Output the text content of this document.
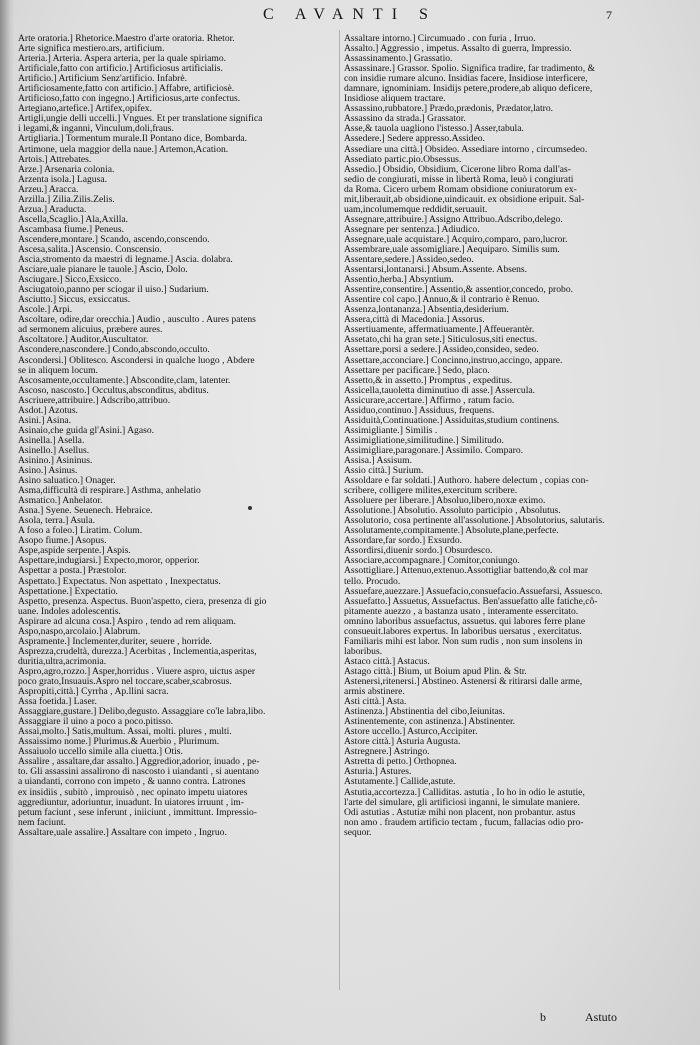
C AVANTI S	7

Arte oratoria.] Rhetorice.Maestro d'arte oratoria. Rhetor.

Arte significa mestiero.ars, artificium.

Arteria.] Arteria. Aspera arteria, per la quale spiriamo.

Artificiale,fatto con artificio.] Artificiosus artificialis.

Artificio.] Artificium Senz'artificio. Infabrè.

Artificiosamente,fatto con artificio.] Affabre, artificiosè.

Artificioso,fatto con ingegno.] Artificiosus,arte confectus.

Artegiano,artefice.] Artifex,opifex.

Artigli,ungie delli uccelli.] Vngues. Et per translatione significa

i legami,& inganni, Vinculum,doli,fraus.

Artigliaria.] Tormentum murale.Il Pontano dice, Bombarda.

Artimone, uela maggior della naue.] Artemon,Acation.

Artois.] Attrebates.

Arze.] Arsenaria colonia.

Arzenta isola.] Lagusa.

Arzeu.] Aracca.

Arzilla.] Zilia.Zilis.Zelis.

Arzua.] Araducta.

Ascella,Scaglio.] Ala,Axilla.

Ascambasa fiume.] Peneus.

Ascendere,montare.] Scando, ascendo,conscendo.

Ascesa,salita.] Ascensio. Conscensio.

Ascia,stromento da maestri di legname.] Ascia. dolabra.

Asciare,uale pianare le tauole.] Ascio, Dolo.

Asciugare.] Sicco,Exsicco.

Asciugatoio,panno per sciogar il uiso.] Sudarium.

Asciutto.] Siccus, exsiccatus.

Ascole.] Arpi.

Ascoltare, odire,dar orecchia.] Audio , ausculto . Aures patens

ad sermonem alicuius, præbere aures.

Ascoltatore.] Auditor,Auscultator.

Ascondere,nascondere.] Condo,abscondo,occulto.

Ascondersi.] Oblitesco. Ascondersi in qualche luogo , Abdere

se in aliquem locum.

Ascosamente,occultamente.] Abscondite,clam, latenter.

Ascoso, nascosto.] Occultus,absconditus, abditus.

Ascriuere,attribuire.] Adscribo,attribuo.

Asdot.] Azotus.

Asini.] Asina.

Asinaio,che guida gl'Asini.] Agaso.

Asinella.] Asella.

Asinello.] Asellus.

Asinino.] Asininus.

Asino.] Asinus.

Asino saluatico.] Onager.

Asma,difficultà di respirare.] Asthma, anhelatio

Asmatico.] Anhelator.

Asna.] Syene. Seuenech. Hebraice.

Asola, terra.] Asula.

A foso a foleo.] Liratim. Colum.

Asopo fiume.] Asopus.

Aspe,aspide serpente.] Aspis.

Aspettare,indugiarsi.] Expecto,moror, opperior.

Aspettar a posta.] Præstolor.

Aspettato.] Expectatus. Non aspettato , Inexpectatus.

Aspettatione.] Expectatio.

Aspetto, presenza. Aspectus. Buon'aspetto, ciera, presenza di gio

uane. Indoles adolescentis.

Aspirare ad alcuna cosa.] Aspiro , tendo ad rem aliquam.

Aspo,naspo,arcolaio.] Alabrum.

Aspramente.] Inclementer,duriter, seuere , horride.

Asprezza,crudeltà, durezza.] Acerbitas , Inclementia,asperitas,

duritia,ultra,acrimonia.

Aspro,agro,rozzo.] Asper,horridus . Viuere aspro, uictus asper

poco grato,Insuauis.Aspro nel toccare,scaber,scabrosus.

Aspropiti,città.] Cyrrha , Ap.llini sacra.

Assa foetida.] Laser.

Assaggiare,gustare.] Delibo,degusto. Assaggiare co'le labra,libo.

Assaggiare il uino a poco a poco.pitisso.

Assai,molto.] Satis,multum. Assai, molti. plures , multi.

Assaissimo nome.] Plurimus.& Auerbio , Plurimum.

Assaiuolo uccello simile alla ciuetta.] Otis.

Assalire , assaltare,dar assalto.] Aggredior,adorior, inuado , pe-

to. Gli assassini assalirono di nascosto i uiandanti , si auentano

a uiandanti, corrono con impeto , & uanno contra. Latrones

ex insidiis , subitò , improuisò , nec opinato impetu uiatores

aggrediuntur, adoriuntur, inuadunt. In uiatores irruunt , im-

petum faciunt , sese inferunt , iniiciunt , immittunt. Impressio-

nem faciunt.

Assaltare,uale assalire.] Assaltare con impeto , Ingruo.

Assaltare intorno.] Circumuado . con furia , Irruo.

Assalto.] Aggressio , impetus. Assalto di guerra, Impressio.

Assassinamento.] Grassatio.

Assassinare.] Grassor. Spolio. Significa tradire, far tradimento, &

con insidie rumare alcuno. Insidias facere, Insidiose interficere,

damnare, ignominiam. Insidijs petere,prodere,ab aliquo deficere,

Insidiose aliquem tractare.

Assassino,rubbatore.] Prædo,prædonis, Prædator,latro.

Assassino da strada.] Grassator.

Asse,& tauola uagliono l'istesso.] Asser,tabula.

Assedere.] Sedere appresso.Assideo.

Assediare una città.] Obsideo. Assediare intorno , circumsedeo.

Assediato partic.pio.Obsessus.

Assedio.] Obsidio, Obsidium, Cicerone libro Roma dall'as-

sedio de congiurati, misse in libertà Roma, leuò i congiurati

da Roma. Cicero urbem Romam obsidione coniuratorum ex-

mit,liberauit,ab obsidione,uindicauit. ex obsidione eripuit. Sal-

uam,incolumemque reddidit,seruauit.

Assegnare,attribuire.] Assigno Attribuo.Adscribo,delego.

Assegnare per sentenza.] Adiudico.

Assegnare,uale acquistare.] Acquiro,comparo, paro,lucror.

Assembrare,uale assomigliare.] Aequiparo. Similis sum.

Assentare,sedere.] Assideo,sedeo.

Assentarsi,lontanarsi.] Absum.Assente. Absens.

Assentio,herba.] Absyntium.

Assentire,consentire.] Assentio,& assentior,concedo, probo.

Assentire col capo.] Annuo,& il contrario è Renuo.

Assenza,lontananza.] Absentia,desiderium.

Assera,città di Macedonia.] Assorus.

Assertiuamente, affermatiuamente.] Affeuerantèr.

Assetato,chi ha gran sete.] Siticulosus,siti enectus.

Assettare,porsi a sedere.] Assideo,consideo, sedeo.

Assettare,acconciare.] Concinno,instruo,accingo, appare.

Assettare per pacificare.] Sedo, placo.

Assetto,& in assetto.] Promptus , expeditus.

Assicella,tauoletta diminutiuo di asse.] Assercula.

Assicurare,accertare.] Affirmo , ratum facio.

Assiduo,continuo.] Assiduus, frequens.

Assiduità,Continuatione.] Assiduitas,studium continens.

Assimigliante.] Similis .

Assimigliatione,similitudine.] Similitudo.

Assimigliare,paragonare.] Assimilo. Comparo.

Assisa.] Assisum.

Assio città.] Surium.

Assoldare e far soldati.] Authoro. habere delectum , copias con-

scribere, colligere milites,exercitum scribere.

Assoluere per liberare.] Absoluo,libero,noxæ eximo.

Assolutione.] Absolutio. Assoluto participio , Absolutus.

Assolutorio, cosa pertinente all'assolutione.] Absolutorius, salutaris.

Assolutamente,compitamente.] Absolute,plane,perfecte.

Assordare,far sordo.] Exsurdo.

Assordirsi,diuenir sordo.] Obsurdesco.

Associare,accompagnare.] Comitor,coniungo.

Assottigliare.] Attenuo,extenuo.Assottigliar battendo,& col mar

tello. Procudo.

Assuefare,auezzare.] Assuefacio,consuefacio.Assuefarsi, Assuesco.

Assuefatto.] Assuetus, Assuefactus. Ben'assuefatto alle fatiche,cô-

pitamente auezzo , a bastanza usato , interamente essercitato.

omnino laboribus assuefactus, assuetus. qui labores ferre plane

consueuit.labores expertus. In laboribus uersatus , exercitatus.

Familiaris mihi est labor. Non sum rudis , non sum insolens in

laboribus.

Astaco città.] Astacus.

Astago città.] Bium, ut Boium apud Plin. & Str.

Astenersi,ritenersi.] Abstineo. Astenersi & ritirarsi dalle arme,

armis abstinere.

Asti città.] Asta.

Astinenza.] Abstinentia del cibo,Ieiunitas.

Astinentemente, con astinenza.] Abstinenter.

Astore uccello.] Asturco,Accipiter.

Astore città.] Asturia Augusta.

Astregnere.] Astringo.

Astretta di petto.] Orthopnea.

Asturia.] Astures.

Astutamente.] Callide,astute.

Astutia,accortezza.] Calliditas. astutia , Io ho in odio le astutie,

l'arte del simulare, gli artificiosi inganni, le simulate maniere.

Odi astutias . Astutiæ mihi non placent, non probantur. astus

non amo . fraudem artificio tectam , fucum, fallacias odio pro-

sequor.

b	Astuto
